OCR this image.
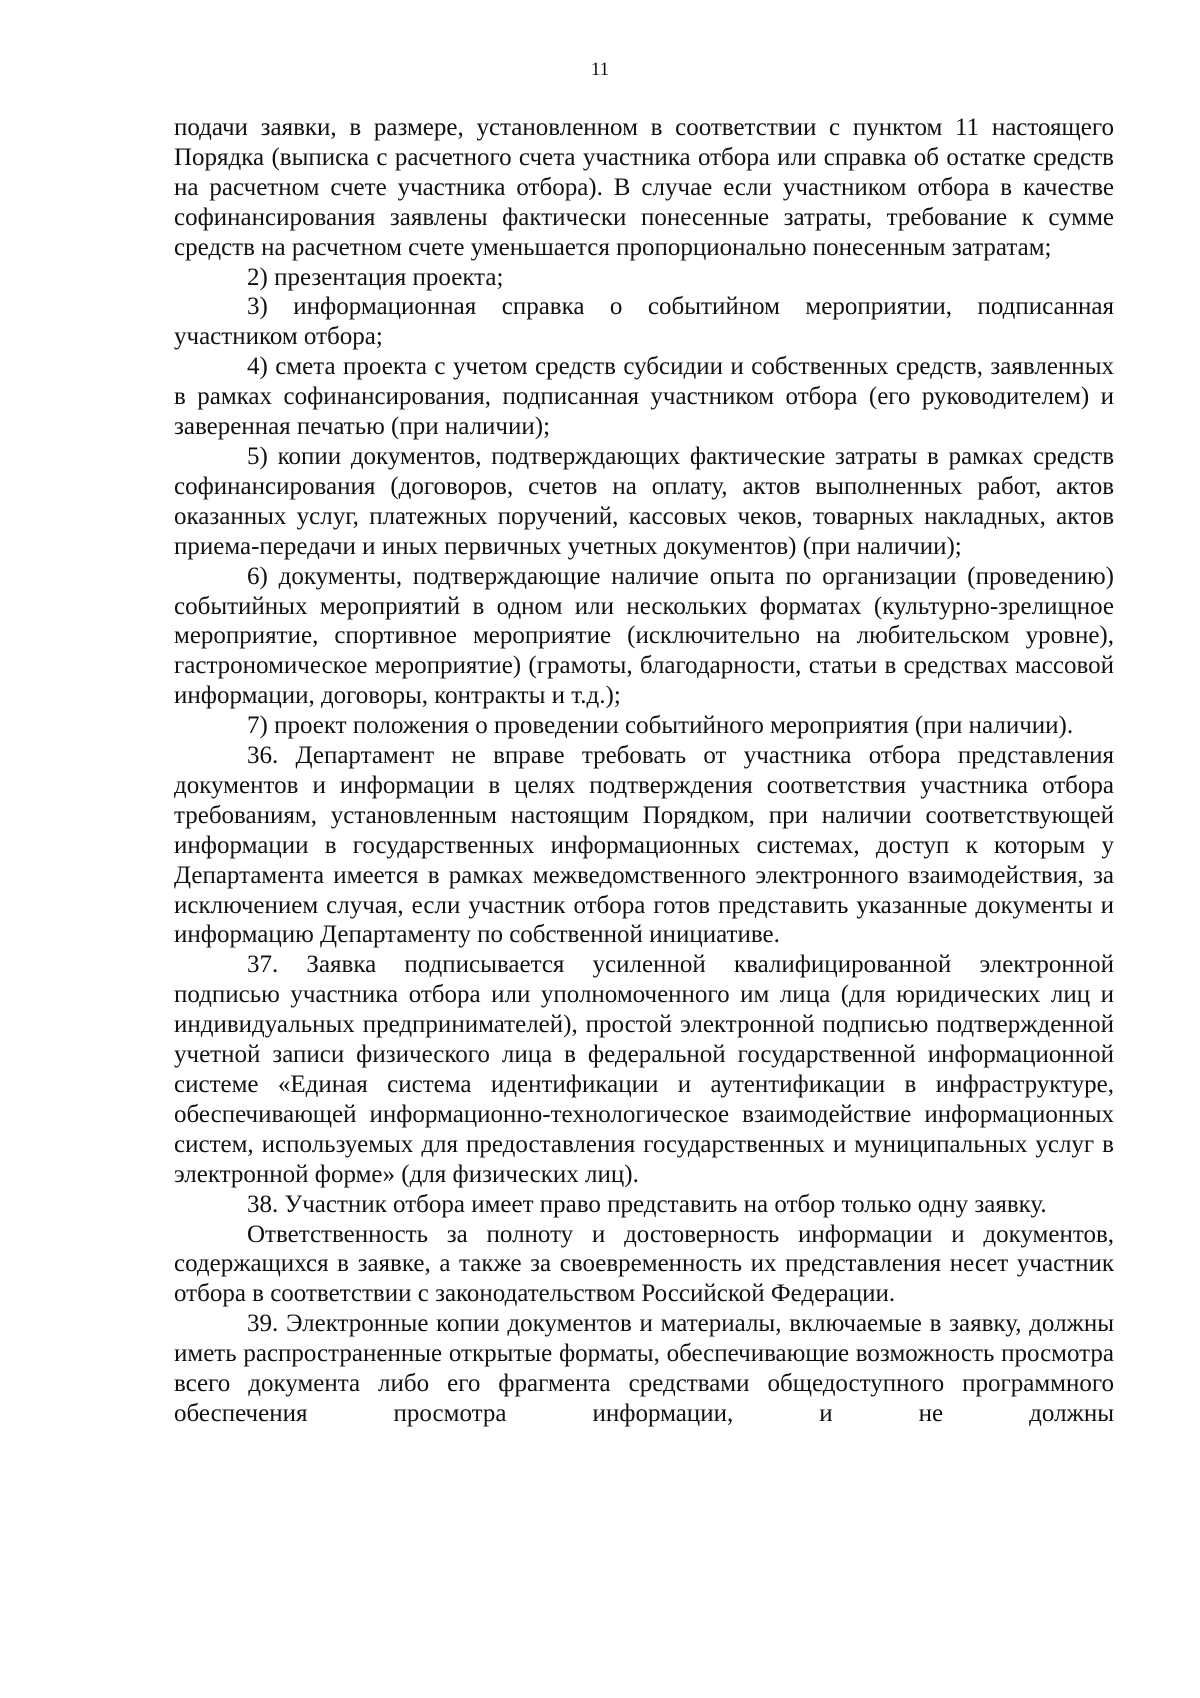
11

подачи заявки, в размере, установленном в соответствии с пунктом 11 настоящего Порядка (выписка с расчетного счета участника отбора или справка об остатке средств на расчетном счете участника отбора). В случае если участником отбора в качестве софинансирования заявлены фактически понесенные затраты, требование к сумме средств на расчетном счете уменьшается пропорционально понесенным затратам;

2) презентация проекта;

3) информационная справка о событийном мероприятии, подписанная участником отбора;

4) смета проекта с учетом средств субсидии и собственных средств, заявленных в рамках софинансирования, подписанная участником отбора (его руководителем) и заверенная печатью (при наличии);

5) копии документов, подтверждающих фактические затраты в рамках средств софинансирования (договоров, счетов на оплату, актов выполненных работ, актов оказанных услуг, платежных поручений, кассовых чеков, товарных накладных, актов приема-передачи и иных первичных учетных документов) (при наличии);

6) документы, подтверждающие наличие опыта по организации (проведению) событийных мероприятий в одном или нескольких форматах (культурно-зрелищное мероприятие, спортивное мероприятие (исключительно на любительском уровне), гастрономическое мероприятие) (грамоты, благодарности, статьи в средствах массовой информации, договоры, контракты и т.д.);

7) проект положения о проведении событийного мероприятия (при наличии).

36. Департамент не вправе требовать от участника отбора представления документов и информации в целях подтверждения соответствия участника отбора требованиям, установленным настоящим Порядком, при наличии соответствующей информации в государственных информационных системах, доступ к которым у Департамента имеется в рамках межведомственного электронного взаимодействия, за исключением случая, если участник отбора готов представить указанные документы и информацию Департаменту по собственной инициативе.

37. Заявка подписывается усиленной квалифицированной электронной подписью участника отбора или уполномоченного им лица (для юридических лиц и индивидуальных предпринимателей), простой электронной подписью подтвержденной учетной записи физического лица в федеральной государственной информационной системе «Единая система идентификации и аутентификации в инфраструктуре, обеспечивающей информационно-технологическое взаимодействие информационных систем, используемых для предоставления государственных и муниципальных услуг в электронной форме» (для физических лиц).

38. Участник отбора имеет право представить на отбор только одну заявку.

Ответственность за полноту и достоверность информации и документов, содержащихся в заявке, а также за своевременность их представления несет участник отбора в соответствии с законодательством Российской Федерации.

39. Электронные копии документов и материалы, включаемые в заявку, должны иметь распространенные открытые форматы, обеспечивающие возможность просмотра всего документа либо его фрагмента средствами общедоступного программного обеспечения просмотра информации, и не должны
